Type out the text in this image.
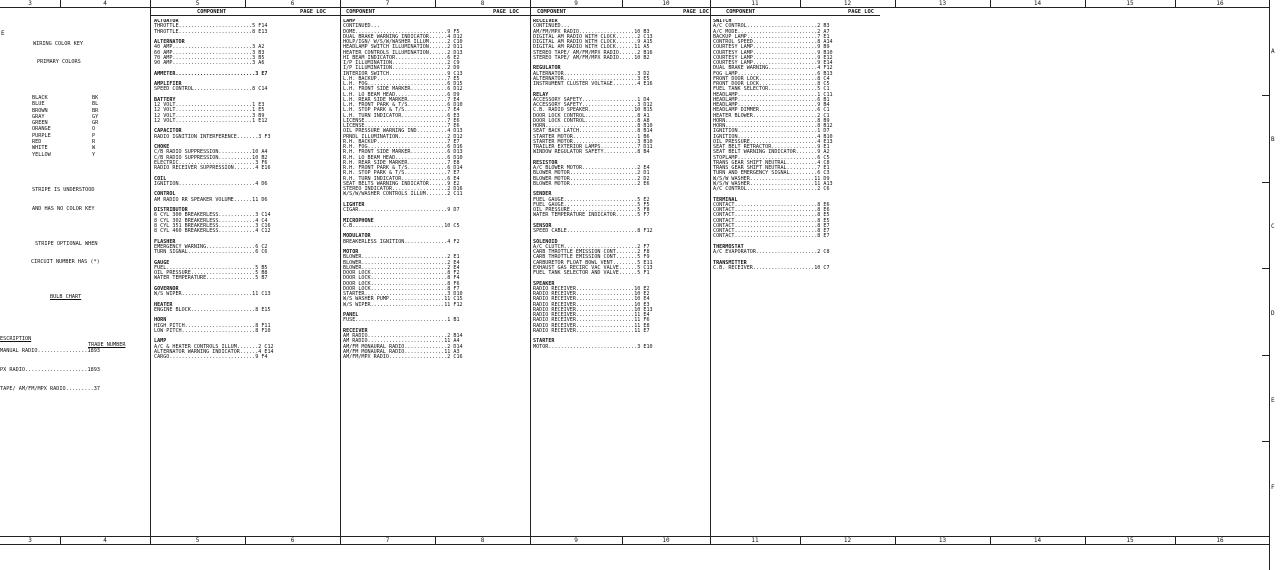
3	4	5	6	7	8	9	10	11	12	13	14	15	16
3	4	5	6	7	8	9	10	11	12	13	14	15	16
A
B
C
D
E
F
E
COMPONENT	PAGE LOC	COMPONENT	PAGE LOC	COMPONENT	PAGE LOC	COMPONENT	PAGE LOC

WIRING COLOR KEY

PRIMARY COLORS

BLACK	BK
BLUE	BL
BROWN	BR
GRAY	GY
GREEN	GR
ORANGE	O
PURPLE	P
RED	R
WHITE	W
YELLOW	Y

STRIPE IS UNDERSTOOD

AND HAS NO COLOR KEY

STRIPE OPTIONAL WHEN

CIRCUIT NUMBER HAS (*)

BULB CHART

ESCRIPTION

TRADE NUMBER

MANUAL RADIO................1893

PX RADIO....................1893

TAPE/ AM/FM/MPX RADIO.........37

ACTUATOR
THROTTLE........................5 F14
THROTTLE........................8 E13
ALTERNATOR
40 AMP..........................3 A2
60 AMP..........................3 B3
70 AMP..........................3 B5
90 AMP..........................3 A6
AMMETER..........................3 E7
AMPLIFIER
SPEED CONTROL...................8 C14
BATTERY
12 VOLT.........................1 E3
12 VOLT.........................1 E5
12 VOLT.........................3 B9
12 VOLT.........................1 E12
CAPACITOR
RADIO IGNITION INTERFERENCE.......3 F3
CHOKE
C/B RADIO SUPPRESSION...........10 A4
C/B RADIO SUPPRESSION...........10 B2
ELECTRIC.........................3 F6
RADIO RECEIVER SUPPRESSION.......4 E16
COIL
IGNITION.........................4 D6
CONTROL
AM RADIO RR SPEAKER VOLUME......11 D6
DISTRIBUTOR
6 CYL 300 BREAKERLESS............3 C14
8 CYL 302 BREAKERLESS............4 C4
8 CYL 351 BREAKERLESS............3 C16
8 CYL 460 BREAKERLESS............4 C12
FLASHER
EMERGENCY WARNING................6 C2
TURN SIGNAL......................6 C6
GAUGE
FUEL.............................5 B5
OIL PRESSURE.....................5 B8
WATER TEMPERATURE................5 B7
GOVERNOR
W/S WIPER.......................11 C13
HEATER
ENGINE BLOCK.....................8 E15
HORN
HIGH PITCH.......................8 F11
LOW PITCH........................8 F10
LAMP
A/C & HEATER CONTROLS ILLUM.......2 C12
ALTERNATOR WARNING INDICATOR......4 E14
CARGO............................9 F4
LAMP
CONTINUED...
DOME..............................9 F5
DUAL BRAKE WARNING INDICATOR......4 D12
HOLP/IGN/ W/S/W/WASHER ILLUM......2 C10
HEADLAMP SWITCH ILLUMINATION......2 D11
HEATER CONTROLS ILLUMINATION......2 D13
HI BEAM INDICATOR.................6 E2
I/P ILLUMINATION..................2 C9
I/P ILLUMINATION..................2 D9
INTERIOR SWITCH...................9 C13
L.H. BACKUP.......................7 E5
L.H. FOG..........................6 D15
L.H. FRONT SIDE MARKER............6 D12
L.H. LO BEAM HEAD.................6 D9
L.H. REAR SIDE MARKER.............7 E4
L.H. FRONT PARK & T/S.............6 D10
L.H. STOP PARK & T/S..............7 E4
L.H. TURN INDICATOR...............6 E3
LICENSE...........................7 E6
LICENSE...........................7 E6
OIL PRESSURE WARNING IND..........4 D13
PRNDL ILLUMINATION................2 D12
R.H. BACKUP.......................7 E7
R.H. FOG..........................6 D16
R.H. FRONT SIDE MARKER............6 D13
R.H. LO BEAM HEAD.................6 D10
R.H. REAR SIDE MARKER.............7 E8
R.H. FRONT PARK & T/S.............6 D14
R.H. STOP PARK & T/S..............7 E7
R.H. TURN INDICATOR...............6 E4
SEAT BELTS WARNING INDICATOR......9 E2
STEREO INDICATOR..................2 D16
W/S/W/WASHER CONTROLS ILLUM.......2 C11
LIGHTER
CIGAR.............................9 D7
MICROPHONE
C.B..............................10 C5
MODULATOR
BREAKERLESS IGNITION..............4 F2
MOTOR
BLOWER............................2 E1
BLOWER............................2 E4
BLOWER............................2 E4
DOOR LOCK.........................8 F2
DOOR LOCK.........................8 F4
DOOR LOCK.........................8 F6
DOOR LOCK.........................8 F7
STARTER...........................3 D10
W/S WASHER PUMP..................11 C15
W/S WIPER........................11 F12
PANEL
FUSE..............................1 B1
RECEIVER
AM RADIO..........................2 B14
AM RADIO.........................11 A4
AM/FM MONAURAL RADIO..............2 D14
AM/FM MONAURAL RADIO.............11 A3
AM/FM/MPX RADIO...................2 C16
RECEIVER
CONTINUED...
AM/FM/MPX RADIO..................10 B3
DIGITAL AM RADIO WITH CLOCK.......2 C13
DIGITAL AM RADIO WITH CLOCK.......9 A15
DIGITAL AM RADIO WITH CLOCK......11 A5
STEREO TAPE/ AM/FM/MPX RADIO......2 B16
STEREO TAPE/ AM/FM/MPX RADIO.....10 B2
REGULATOR
ALTERNATOR........................3 D2
ALTERNATOR........................3 E5
INSTRUMENT CLUSTER VOLTAGE........4 E16
RELAY
ACCESSORY SAFETY..................1 D4
ACCESSORY SAFETY..................3 D12
C.B. RADIO SPEAKER...............10 B15
DOOR LOCK CONTROL.................8 A1
DOOR LOCK CONTROL.................8 A8
HORN..............................8 B10
SEAT BACK LATCH...................8 B14
STARTER MOTOR.....................1 B6
STARTER MOTOR.....................3 B10
TRAILER EXTERIOR LAMPS............7 D11
WINDOW REGULATOR SAFETY...........8 B4
RESISTOR
A/C BLOWER MOTOR..................2 E4
BLOWER MOTOR......................2 D1
BLOWER MOTOR......................2 D2
BLOWER MOTOR......................2 E6
SENDER
FUEL GAUGE........................5 E2
FUEL GAUGE........................5 F5
OIL PRESSURE......................5 F8
WATER TEMPERATURE INDICATOR.......5 F7
SENSOR
SPEED CABLE.......................8 F12
SOLENOID
A/C CLUTCH........................2 F7
CARB THROTTLE EMISSION CONT.......2 F8
CARB THROTTLE EMISSION CONT.......5 F9
CARBURETOR FLOAT BOWL VENT........5 E11
EXHAUST GAS RECIRC VAC VALVE......5 C13
FUEL TANK SELECTOR AND VALVE......5 F1
SPEAKER
RADIO RECEIVER...................10 E2
RADIO RECEIVER...................10 E2
RADIO RECEIVER...................10 E4
RADIO RECEIVER...................10 E3
RADIO RECEIVER...................10 E13
RADIO RECEIVER...................11 E4
RADIO RECEIVER...................11 F6
RADIO RECEIVER...................11 E8
RADIO RECEIVER...................11 E7
STARTER
MOTOR.............................3 E10
SWITCH
A/C CONTROL.......................2 B3
A/C MODE..........................2 A7
BACKUP LAMP.......................7 E1
CONTROL SPEED.....................8 A14
COURTESY LAMP.....................9 B9
COURTESY LAMP.....................9 B10
COURTESY LAMP.....................9 E12
COURTESY LAMP.....................9 E14
DUAL BRAKE WARNING................4 F12
FOG LAMP..........................6 B13
FRONT DOOR LOCK...................8 C4
FRONT DOOR LOCK...................8 C5
FUEL TANK SELECTOR................5 C1
HEADLAMP..........................1 C11
HEADLAMP..........................6 B1
HEADLAMP..........................9 B4
HEADLAMP DIMMER...................6 C1
HEATER BLOWER.....................2 C1
HORN..............................8 B9
HORN..............................8 B12
IGNITION..........................1 D7
IGNITION..........................4 B10
OIL PRESSURE......................4 E13
SEAT BELT RETRACTOR...............9 E1
SEAT BELT WARNING INDICATOR.......9 A2
STOPLAMP..........................6 C5
TRANS GEAR SHIFT NEUTRAL..........4 C8
TRANS GEAR SHIFT NEUTRAL..........7 E1
TURN AND EMERGENCY SIGNAL.........6 C3
W/S/W WASHER.....................11 D9
W/S/W WASHER.....................11 A13
A/C CONTROL.......................2 C6
TERMINAL
CONTACT...........................8 E6
CONTACT...........................8 E6
CONTACT...........................8 E5
CONTACT...........................8 E5
CONTACT...........................8 E7
CONTACT...........................8 E7
CONTACT...........................8 E7
THERMOSTAT
A/C EVAPORATOR....................2 C8
TRANSMITTER
C.B. RECEIVER....................10 C7
